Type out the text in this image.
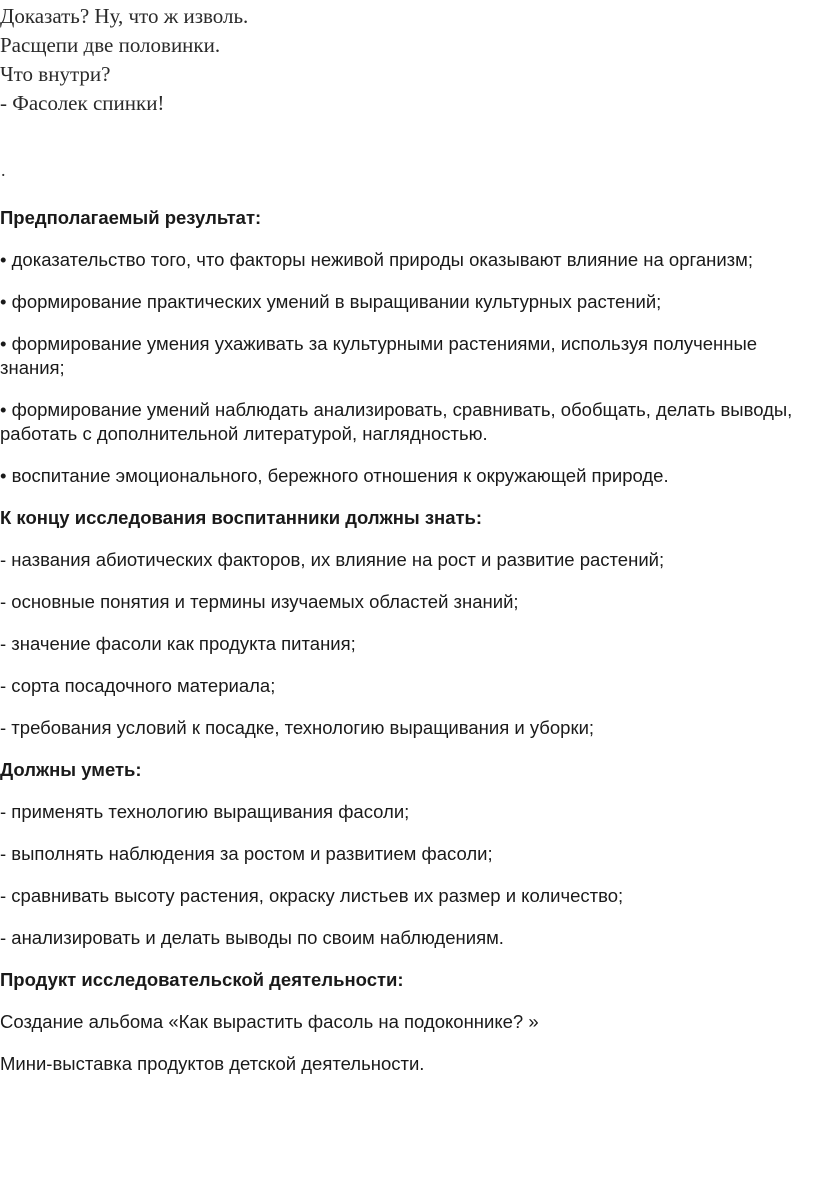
Доказать? Ну, что ж изволь.
Расщепи две половинки.
Что внутри?
- Фасолек спинки!
.

Предполагаемый результат:

• доказательство того, что факторы неживой природы оказывают влияние на организм;

• формирование практических умений в выращивании культурных растений;

• формирование умения ухаживать за культурными растениями, используя полученные знания;

• формирование умений наблюдать анализировать, сравнивать, обобщать, делать выводы, работать с дополнительной литературой, наглядностью.

• воспитание эмоционального, бережного отношения к окружающей природе.

К концу исследования воспитанники должны знать:

- названия абиотических факторов, их влияние на рост и развитие растений;

- основные понятия и термины изучаемых областей знаний;

- значение фасоли как продукта питания;

- сорта посадочного материала;

- требования условий к посадке, технологию выращивания и уборки;

Должны уметь:

- применять технологию выращивания фасоли;

- выполнять наблюдения за ростом и развитием фасоли;

- сравнивать высоту растения, окраску листьев их размер и количество;

- анализировать и делать выводы по своим наблюдениям.

Продукт исследовательской деятельности:

Создание альбома «Как вырастить фасоль на подоконнике? »

Мини-выставка продуктов детской деятельности.
